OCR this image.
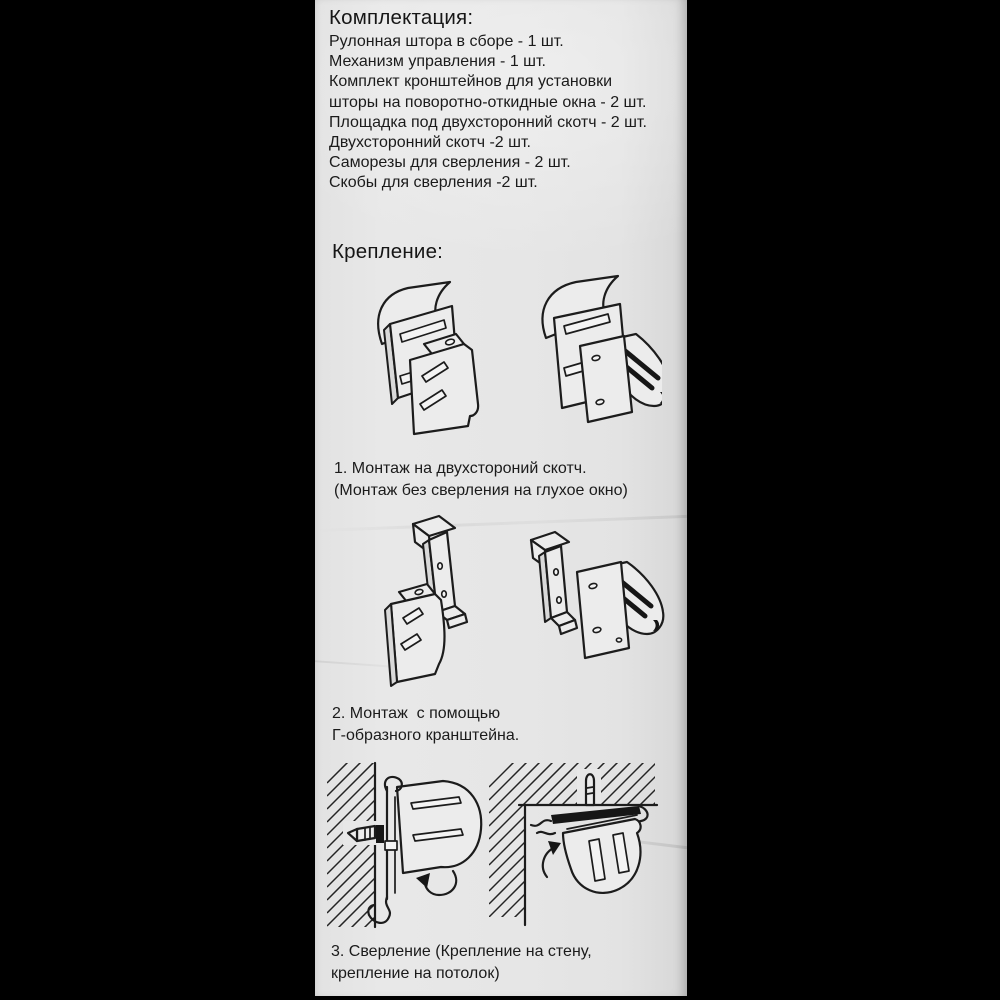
Комплектация:
Рулонная штора в сборе - 1 шт.
Механизм управления - 1 шт.
Комплект кронштейнов для установки
шторы на поворотно-откидные окна - 2 шт.
Площадка под двухсторонний скотч - 2 шт.
Двухсторонний скотч -2 шт.
Саморезы для сверления - 2 шт.
Скобы для сверления -2 шт.
Крепление:
1. Монтаж на двухстороний скотч.
(Монтаж без сверления на глухое окно)
2. Монтаж  с помощью
Г-образного кранштейна.
3. Сверление (Крепление на стену,
крепление на потолок)
